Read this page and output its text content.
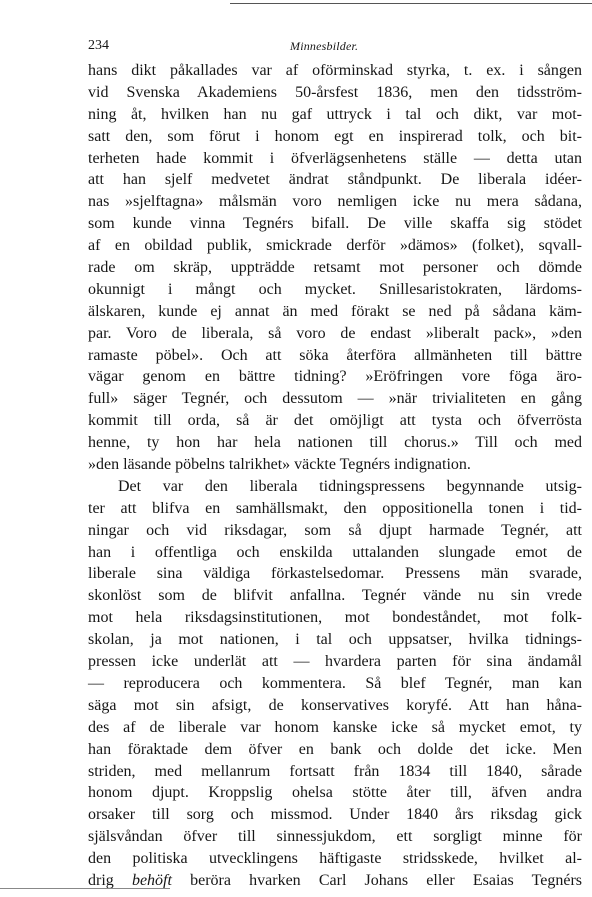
234	Minnesbilder.
hans dikt påkallades var af oförminskad styrka, t. ex. i sången
vid Svenska Akademiens 50-årsfest 1836, men den tidsström-
ning åt, hvilken han nu gaf uttryck i tal och dikt, var mot-
satt den, som förut i honom egt en inspirerad tolk, och bit-
terheten hade kommit i öfverlägsenhetens ställe — detta utan
att han sjelf medvetet ändrat ståndpunkt. De liberala idéer-
nas »sjelftagna» målsmän voro nemligen icke nu mera sådana,
som kunde vinna Tegnérs bifall. De ville skaffa sig stödet
af en obildad publik, smickrade derför »dämos» (folket), sqvall-
rade om skräp, uppträdde retsamt mot personer och dömde
okunnigt i mångt och mycket. Snillesaristokraten, lärdoms-
älskaren, kunde ej annat än med förakt se ned på sådana käm-
par. Voro de liberala, så voro de endast »liberalt pack», »den
ramaste pöbel». Och att söka återföra allmänheten till bättre
vägar genom en bättre tidning? »Eröfringen vore föga äro-
full» säger Tegnér, och dessutom — »när trivialiteten en gång
kommit till orda, så är det omöjligt att tysta och öfverrösta
henne, ty hon har hela nationen till chorus.» Till och med
»den läsande pöbelns talrikhet» väckte Tegnérs indignation.
Det var den liberala tidningspressens begynnande utsig-
ter att blifva en samhällsmakt, den oppositionella tonen i tid-
ningar och vid riksdagar, som så djupt harmade Tegnér, att
han i offentliga och enskilda uttalanden slungade emot de
liberale sina väldiga förkastelsedomar. Pressens män svarade,
skonlöst som de blifvit anfallna. Tegnér vände nu sin vrede
mot hela riksdagsinstitutionen, mot bondeståndet, mot folk-
skolan, ja mot nationen, i tal och uppsatser, hvilka tidnings-
pressen icke underlät att — hvardera parten för sina ändamål
— reproducera och kommentera. Så blef Tegnér, man kan
säga mot sin afsigt, de konservatives koryfé. Att han håna-
des af de liberale var honom kanske icke så mycket emot, ty
han föraktade dem öfver en bank och dolde det icke. Men
striden, med mellanrum fortsatt från 1834 till 1840, sårade
honom djupt. Kroppslig ohelsa stötte åter till, äfven andra
orsaker till sorg och missmod. Under 1840 års riksdag gick
själsvåndan öfver till sinnessjukdom, ett sorgligt minne för
den politiska utvecklingens häftigaste stridsskede, hvilket al-
drig behöft berörа hvarken Carl Johans eller Esaias Tegnérs
